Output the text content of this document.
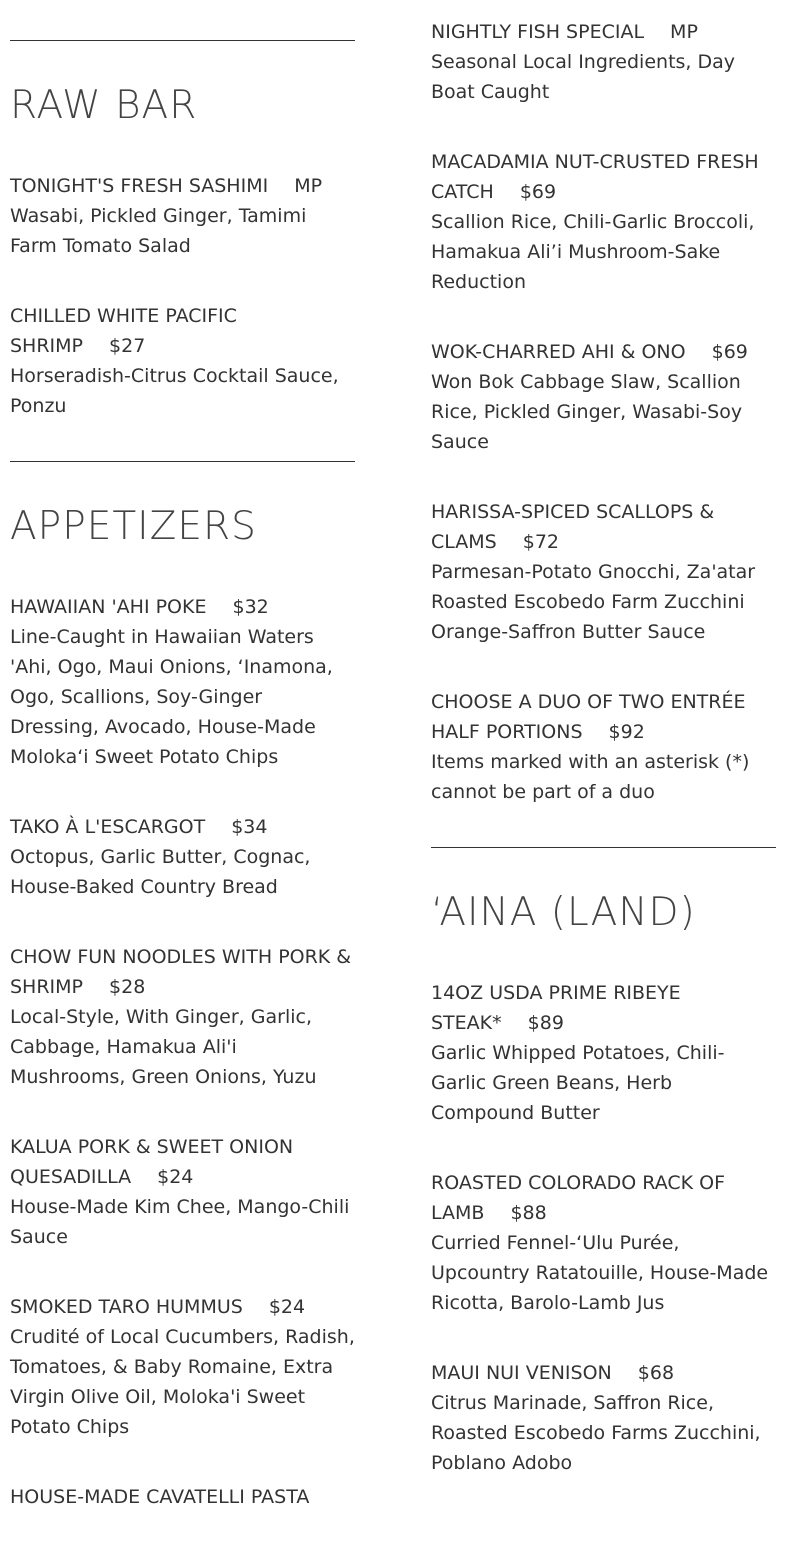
RAW BAR
TONIGHT'S FRESH SASHIMI MP
Wasabi, Pickled Ginger, Tamimi Farm Tomato Salad
CHILLED WHITE PACIFIC SHRIMP $27
Horseradish-Citrus Cocktail Sauce, Ponzu
APPETIZERS
HAWAIIAN 'AHI POKE $32
Line-Caught in Hawaiian Waters 'Ahi, Ogo, Maui Onions, ‘Inamona, Ogo, Scallions, Soy-Ginger Dressing, Avocado, House-Made Moloka‘i Sweet Potato Chips
TAKO À L'ESCARGOT $34
Octopus, Garlic Butter, Cognac, House-Baked Country Bread
CHOW FUN NOODLES WITH PORK & SHRIMP $28
Local-Style, With Ginger, Garlic, Cabbage, Hamakua Ali'i Mushrooms, Green Onions, Yuzu
KALUA PORK & SWEET ONION QUESADILLA $24
House-Made Kim Chee, Mango-Chili Sauce
SMOKED TARO HUMMUS $24
Crudité of Local Cucumbers, Radish, Tomatoes, & Baby Romaine, Extra Virgin Olive Oil, Moloka'i Sweet Potato Chips
HOUSE-MADE CAVATELLI PASTA
NIGHTLY FISH SPECIAL MP
Seasonal Local Ingredients, Day Boat Caught
MACADAMIA NUT-CRUSTED FRESH CATCH $69
Scallion Rice, Chili-Garlic Broccoli, Hamakua Ali’i Mushroom-Sake Reduction
WOK-CHARRED AHI & ONO $69
Won Bok Cabbage Slaw, Scallion Rice, Pickled Ginger, Wasabi-Soy Sauce
HARISSA-SPICED SCALLOPS & CLAMS $72
Parmesan-Potato Gnocchi, Za'atar Roasted Escobedo Farm Zucchini Orange-Saffron Butter Sauce
CHOOSE A DUO OF TWO ENTRÉE HALF PORTIONS $92
Items marked with an asterisk (*) cannot be part of a duo
‘AINA (LAND)
14OZ USDA PRIME RIBEYE STEAK* $89
Garlic Whipped Potatoes, Chili-Garlic Green Beans, Herb Compound Butter
ROASTED COLORADO RACK OF LAMB $88
Curried Fennel-‘Ulu Purée, Upcountry Ratatouille, House-Made Ricotta, Barolo-Lamb Jus
MAUI NUI VENISON $68
Citrus Marinade, Saffron Rice, Roasted Escobedo Farms Zucchini, Poblano Adobo
